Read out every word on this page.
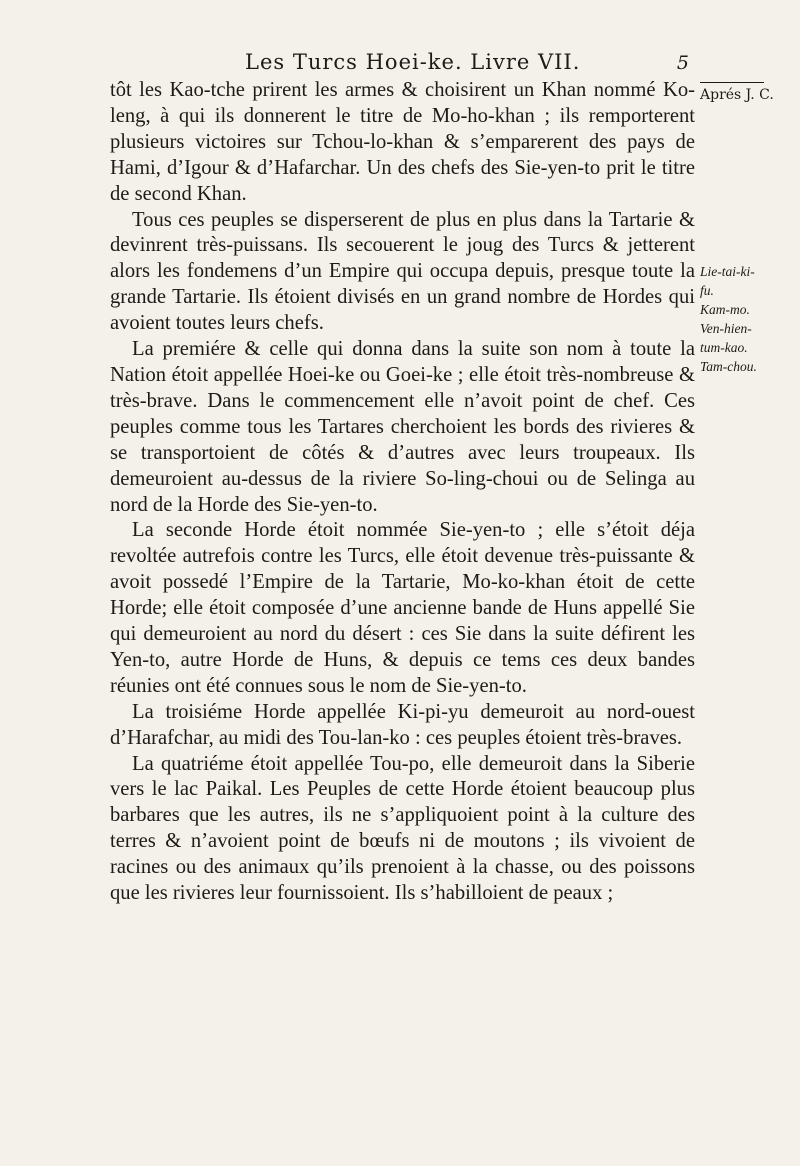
Les Turcs Hoei-ke. Livre VII.	5
Aprés J. C.
Lie-tai-ki-
fu.
Kam-mo.
Ven-hien-
tum-kao.
Tam-chou.

tôt les Kao-tche prirent les armes & choisirent un Khan nommé Ko-leng, à qui ils donnerent le titre de Mo-ho-khan ; ils remporterent plusieurs victoires sur Tchou-lo-khan & s’emparerent des pays de Hami, d’Igour & d’Hafarchar. Un des chefs des Sie-yen-to prit le titre de second Khan.

Tous ces peuples se disperserent de plus en plus dans la Tartarie & devinrent très-puissans. Ils secouerent le joug des Turcs & jetterent alors les fondemens d’un Empire qui occupa depuis, presque toute la grande Tartarie. Ils étoient divisés en un grand nombre de Hordes qui avoient toutes leurs chefs.

La premiére & celle qui donna dans la suite son nom à toute la Nation étoit appellée Hoei-ke ou Goei-ke ; elle étoit très-nombreuse & très-brave. Dans le commencement elle n’avoit point de chef. Ces peuples comme tous les Tartares cherchoient les bords des rivieres & se transportoient de côtés & d’autres avec leurs troupeaux. Ils demeuroient au-dessus de la riviere So-ling-choui ou de Selinga au nord de la Horde des Sie-yen-to.

La seconde Horde étoit nommée Sie-yen-to ; elle s’étoit déja revoltée autrefois contre les Turcs, elle étoit devenue très-puissante & avoit possedé l’Empire de la Tartarie, Mo-ko-khan étoit de cette Horde; elle étoit composée d’une ancienne bande de Huns appellé Sie qui demeuroient au nord du désert : ces Sie dans la suite défirent les Yen-to, autre Horde de Huns, & depuis ce tems ces deux bandes réunies ont été connues sous le nom de Sie-yen-to.

La troisiéme Horde appellée Ki-pi-yu demeuroit au nord-ouest d’Harafchar, au midi des Tou-lan-ko : ces peuples étoient très-braves.

La quatriéme étoit appellée Tou-po, elle demeuroit dans la Siberie vers le lac Paikal. Les Peuples de cette Horde étoient beaucoup plus barbares que les autres, ils ne s’appliquoient point à la culture des terres & n’avoient point de bœufs ni de moutons ; ils vivoient de racines ou des animaux qu’ils prenoient à la chasse, ou des poissons que les rivieres leur fournissoient. Ils s’habilloient de peaux ;
